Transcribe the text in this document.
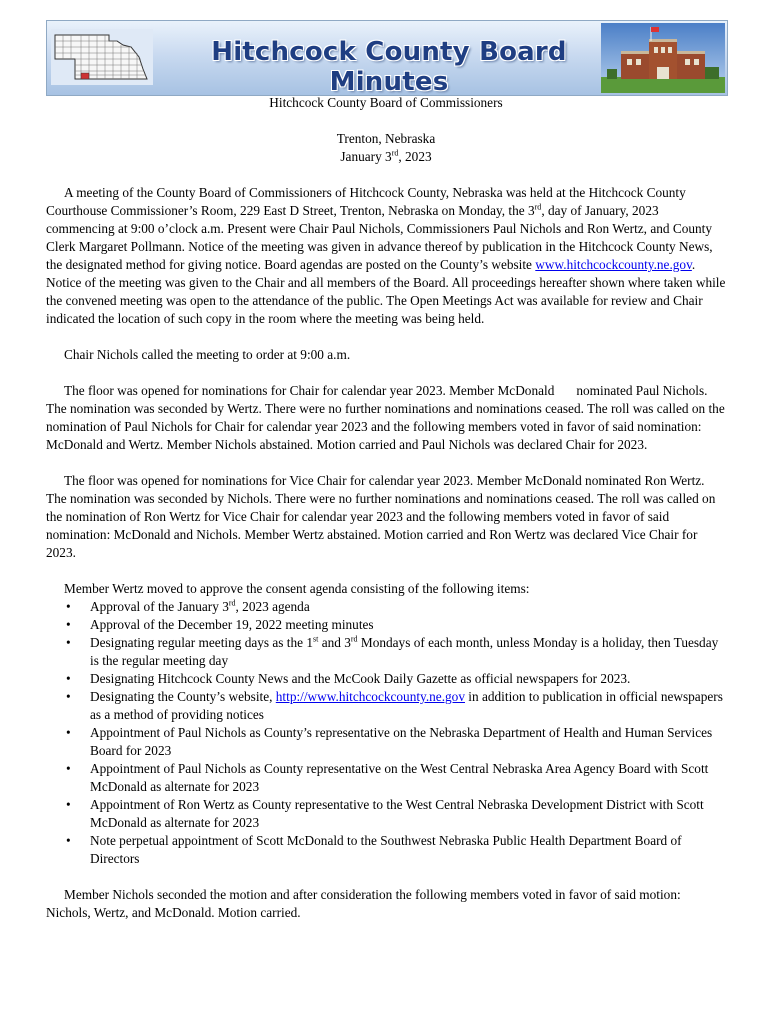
Hitchcock County Board Minutes

Hitchcock County Board of Commissioners

Trenton, Nebraska

January 3rd, 2023

A meeting of the County Board of Commissioners of Hitchcock County, Nebraska was held at the Hitchcock County Courthouse Commissioner’s Room, 229 East D Street, Trenton, Nebraska on Monday, the 3rd, day of January, 2023 commencing at 9:00 o’clock a.m. Present were Chair Paul Nichols, Commissioners Paul Nichols and Ron Wertz, and County Clerk Margaret Pollmann. Notice of the meeting was given in advance thereof by publication in the Hitchcock County News, the designated method for giving notice. Board agendas are posted on the County’s website www.hitchcockcounty.ne.gov. Notice of the meeting was given to the Chair and all members of the Board. All proceedings hereafter shown where taken while the convened meeting was open to the attendance of the public. The Open Meetings Act was available for review and Chair indicated the location of such copy in the room where the meeting was being held.

Chair Nichols called the meeting to order at 9:00 a.m.

The floor was opened for nominations for Chair for calendar year 2023. Member McDonald nominated Paul Nichols. The nomination was seconded by Wertz. There were no further nominations and nominations ceased. The roll was called on the nomination of Paul Nichols for Chair for calendar year 2023 and the following members voted in favor of said nomination: McDonald and Wertz. Member Nichols abstained. Motion carried and Paul Nichols was declared Chair for 2023.

The floor was opened for nominations for Vice Chair for calendar year 2023. Member McDonald nominated Ron Wertz. The nomination was seconded by Nichols. There were no further nominations and nominations ceased. The roll was called on the nomination of Ron Wertz for Vice Chair for calendar year 2023 and the following members voted in favor of said nomination: McDonald and Nichols. Member Wertz abstained. Motion carried and Ron Wertz was declared Vice Chair for 2023.

Member Wertz moved to approve the consent agenda consisting of the following items:

• Approval of the January 3rd, 2023 agenda
• Approval of the December 19, 2022 meeting minutes
• Designating regular meeting days as the 1st and 3rd Mondays of each month, unless Monday is a holiday, then Tuesday is the regular meeting day
• Designating Hitchcock County News and the McCook Daily Gazette as official newspapers for 2023.
• Designating the County’s website, http://www.hitchcockcounty.ne.gov in addition to publication in official newspapers as a method of providing notices
• Appointment of Paul Nichols as County’s representative on the Nebraska Department of Health and Human Services Board for 2023
• Appointment of Paul Nichols as County representative on the West Central Nebraska Area Agency Board with Scott McDonald as alternate for 2023
• Appointment of Ron Wertz as County representative to the West Central Nebraska Development District with Scott McDonald as alternate for 2023
• Note perpetual appointment of Scott McDonald to the Southwest Nebraska Public Health Department Board of Directors

Member Nichols seconded the motion and after consideration the following members voted in favor of said motion: Nichols, Wertz, and McDonald. Motion carried.
